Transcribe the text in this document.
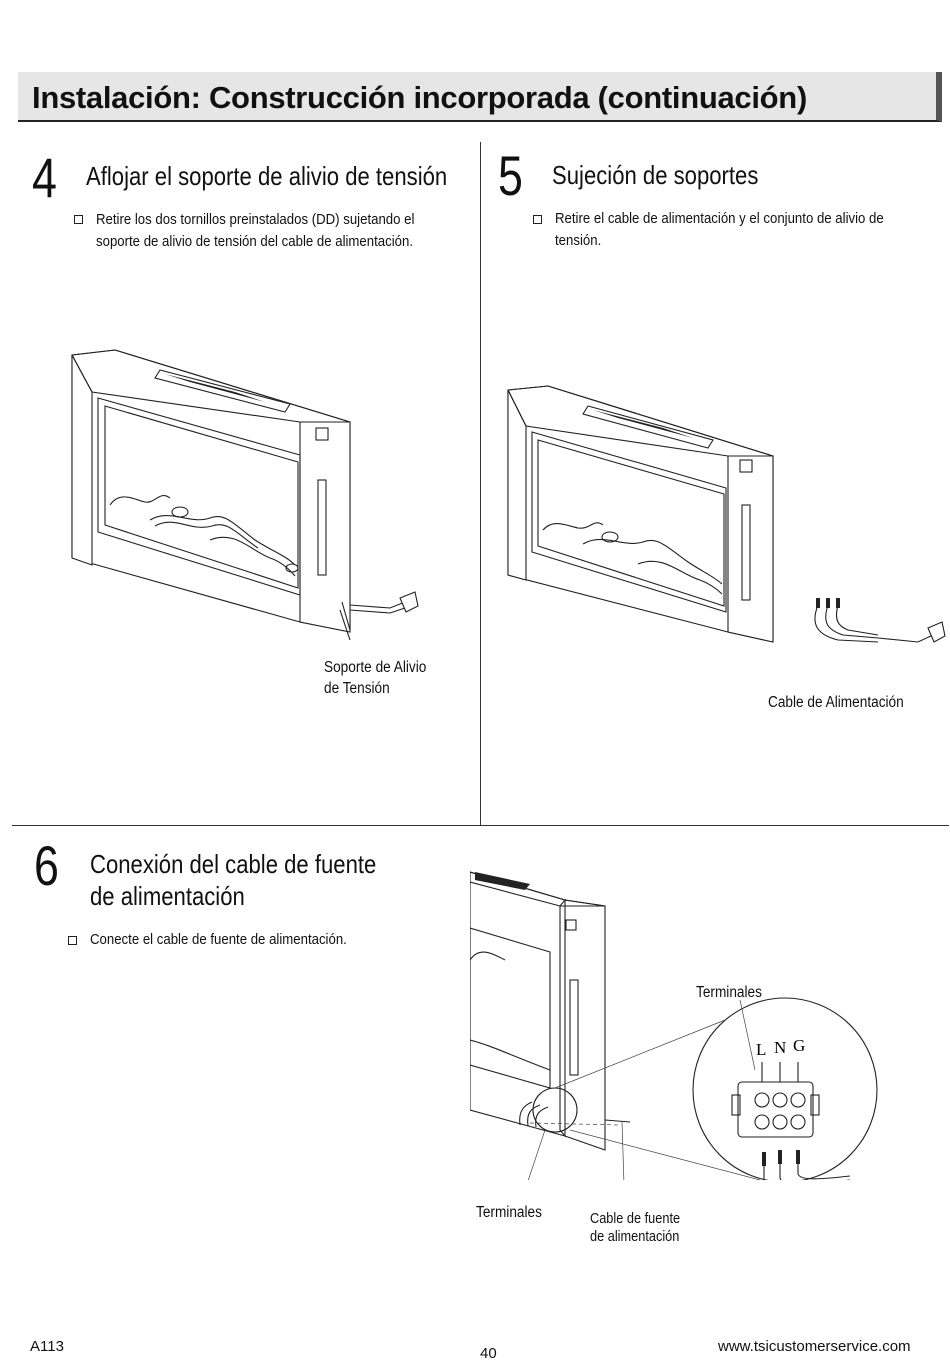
Instalación: Construcción incorporada (continuación)
4 Aflojar el soporte de alivio de tensión
Retire los dos tornillos preinstalados (DD) sujetando el soporte de alivio de tensión del cable de alimentación.
Soporte de Alivio
de Tensión
5 Sujeción de soportes
Retire el cable de alimentación y el conjunto de alivio de tensión.
Cable de Alimentación
6 Conexión del cable de fuente
de alimentación
Conecte el cable de fuente de alimentación.
L N G
Terminales
Terminales	Cable de fuente
de alimentación
A113	40	www.tsicustomerservice.com
